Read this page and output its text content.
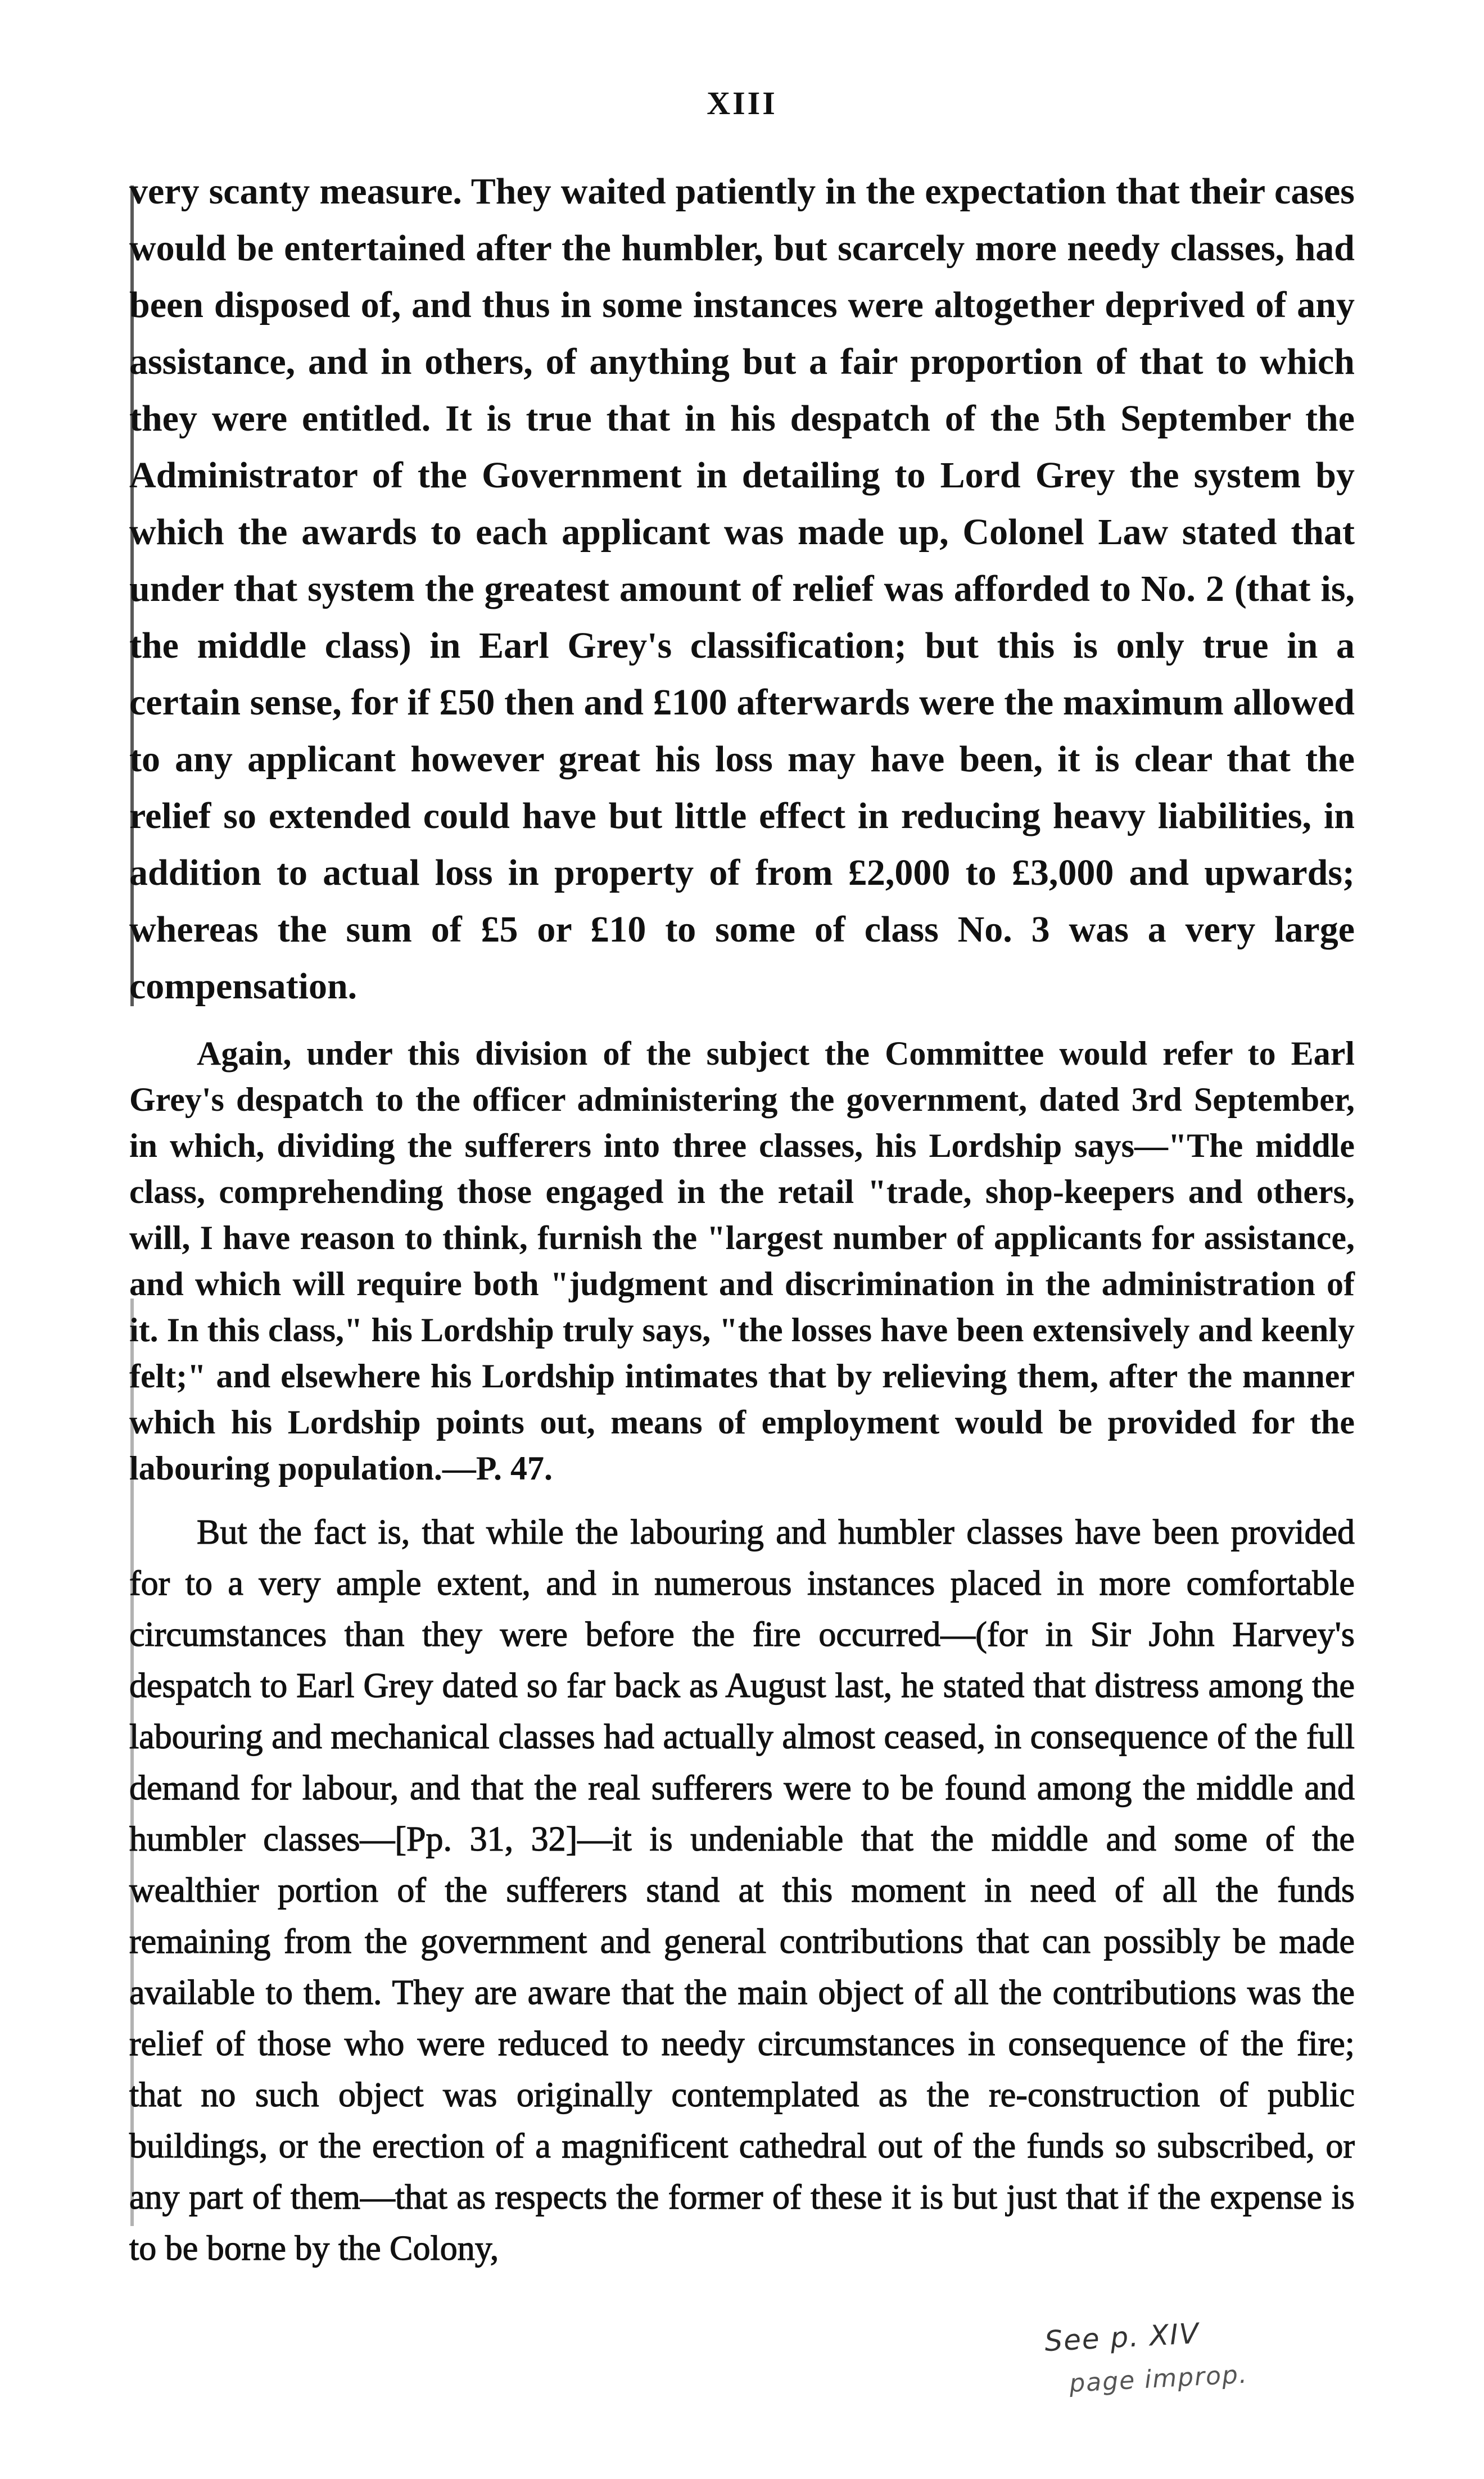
XIII

very scanty measure. They waited patiently in the expectation that their cases would be entertained after the humbler, but scarcely more needy classes, had been disposed of, and thus in some instances were altogether deprived of any assistance, and in others, of anything but a fair proportion of that to which they were entitled. It is true that in his despatch of the 5th September the Administrator of the Government in detailing to Lord Grey the system by which the awards to each applicant was made up, Colonel Law stated that under that system the greatest amount of relief was afforded to No. 2 (that is, the middle class) in Earl Grey's classification; but this is only true in a certain sense, for if £50 then and £100 afterwards were the maximum allowed to any applicant however great his loss may have been, it is clear that the relief so extended could have but little effect in reducing heavy liabilities, in addition to actual loss in property of from £2,000 to £3,000 and upwards; whereas the sum of £5 or £10 to some of class No. 3 was a very large compensation.

Again, under this division of the subject the Committee would refer to Earl Grey's despatch to the officer administering the government, dated 3rd September, in which, dividing the sufferers into three classes, his Lordship says—"The middle class, comprehending those engaged in the retail "trade, shop-keepers and others, will, I have reason to think, furnish the "largest number of applicants for assistance, and which will require both "judgment and discrimination in the administration of it. In this class," his Lordship truly says, "the losses have been extensively and keenly felt;" and elsewhere his Lordship intimates that by relieving them, after the manner which his Lordship points out, means of employment would be provided for the labouring population.—P. 47.

But the fact is, that while the labouring and humbler classes have been provided for to a very ample extent, and in numerous instances placed in more comfortable circumstances than they were before the fire occurred—(for in Sir John Harvey's despatch to Earl Grey dated so far back as August last, he stated that distress among the labouring and mechanical classes had actually almost ceased, in consequence of the full demand for labour, and that the real sufferers were to be found among the middle and humbler classes—[Pp. 31, 32]—it is undeniable that the middle and some of the wealthier portion of the sufferers stand at this moment in need of all the funds remaining from the government and general contributions that can possibly be made available to them. They are aware that the main object of all the contributions was the relief of those who were reduced to needy circumstances in consequence of the fire; that no such object was originally contemplated as the re-construction of public buildings, or the erection of a magnificent cathedral out of the funds so subscribed, or any part of them—that as respects the former of these it is but just that if the expense is to be borne by the Colony,

See p. XIV
page improp.
